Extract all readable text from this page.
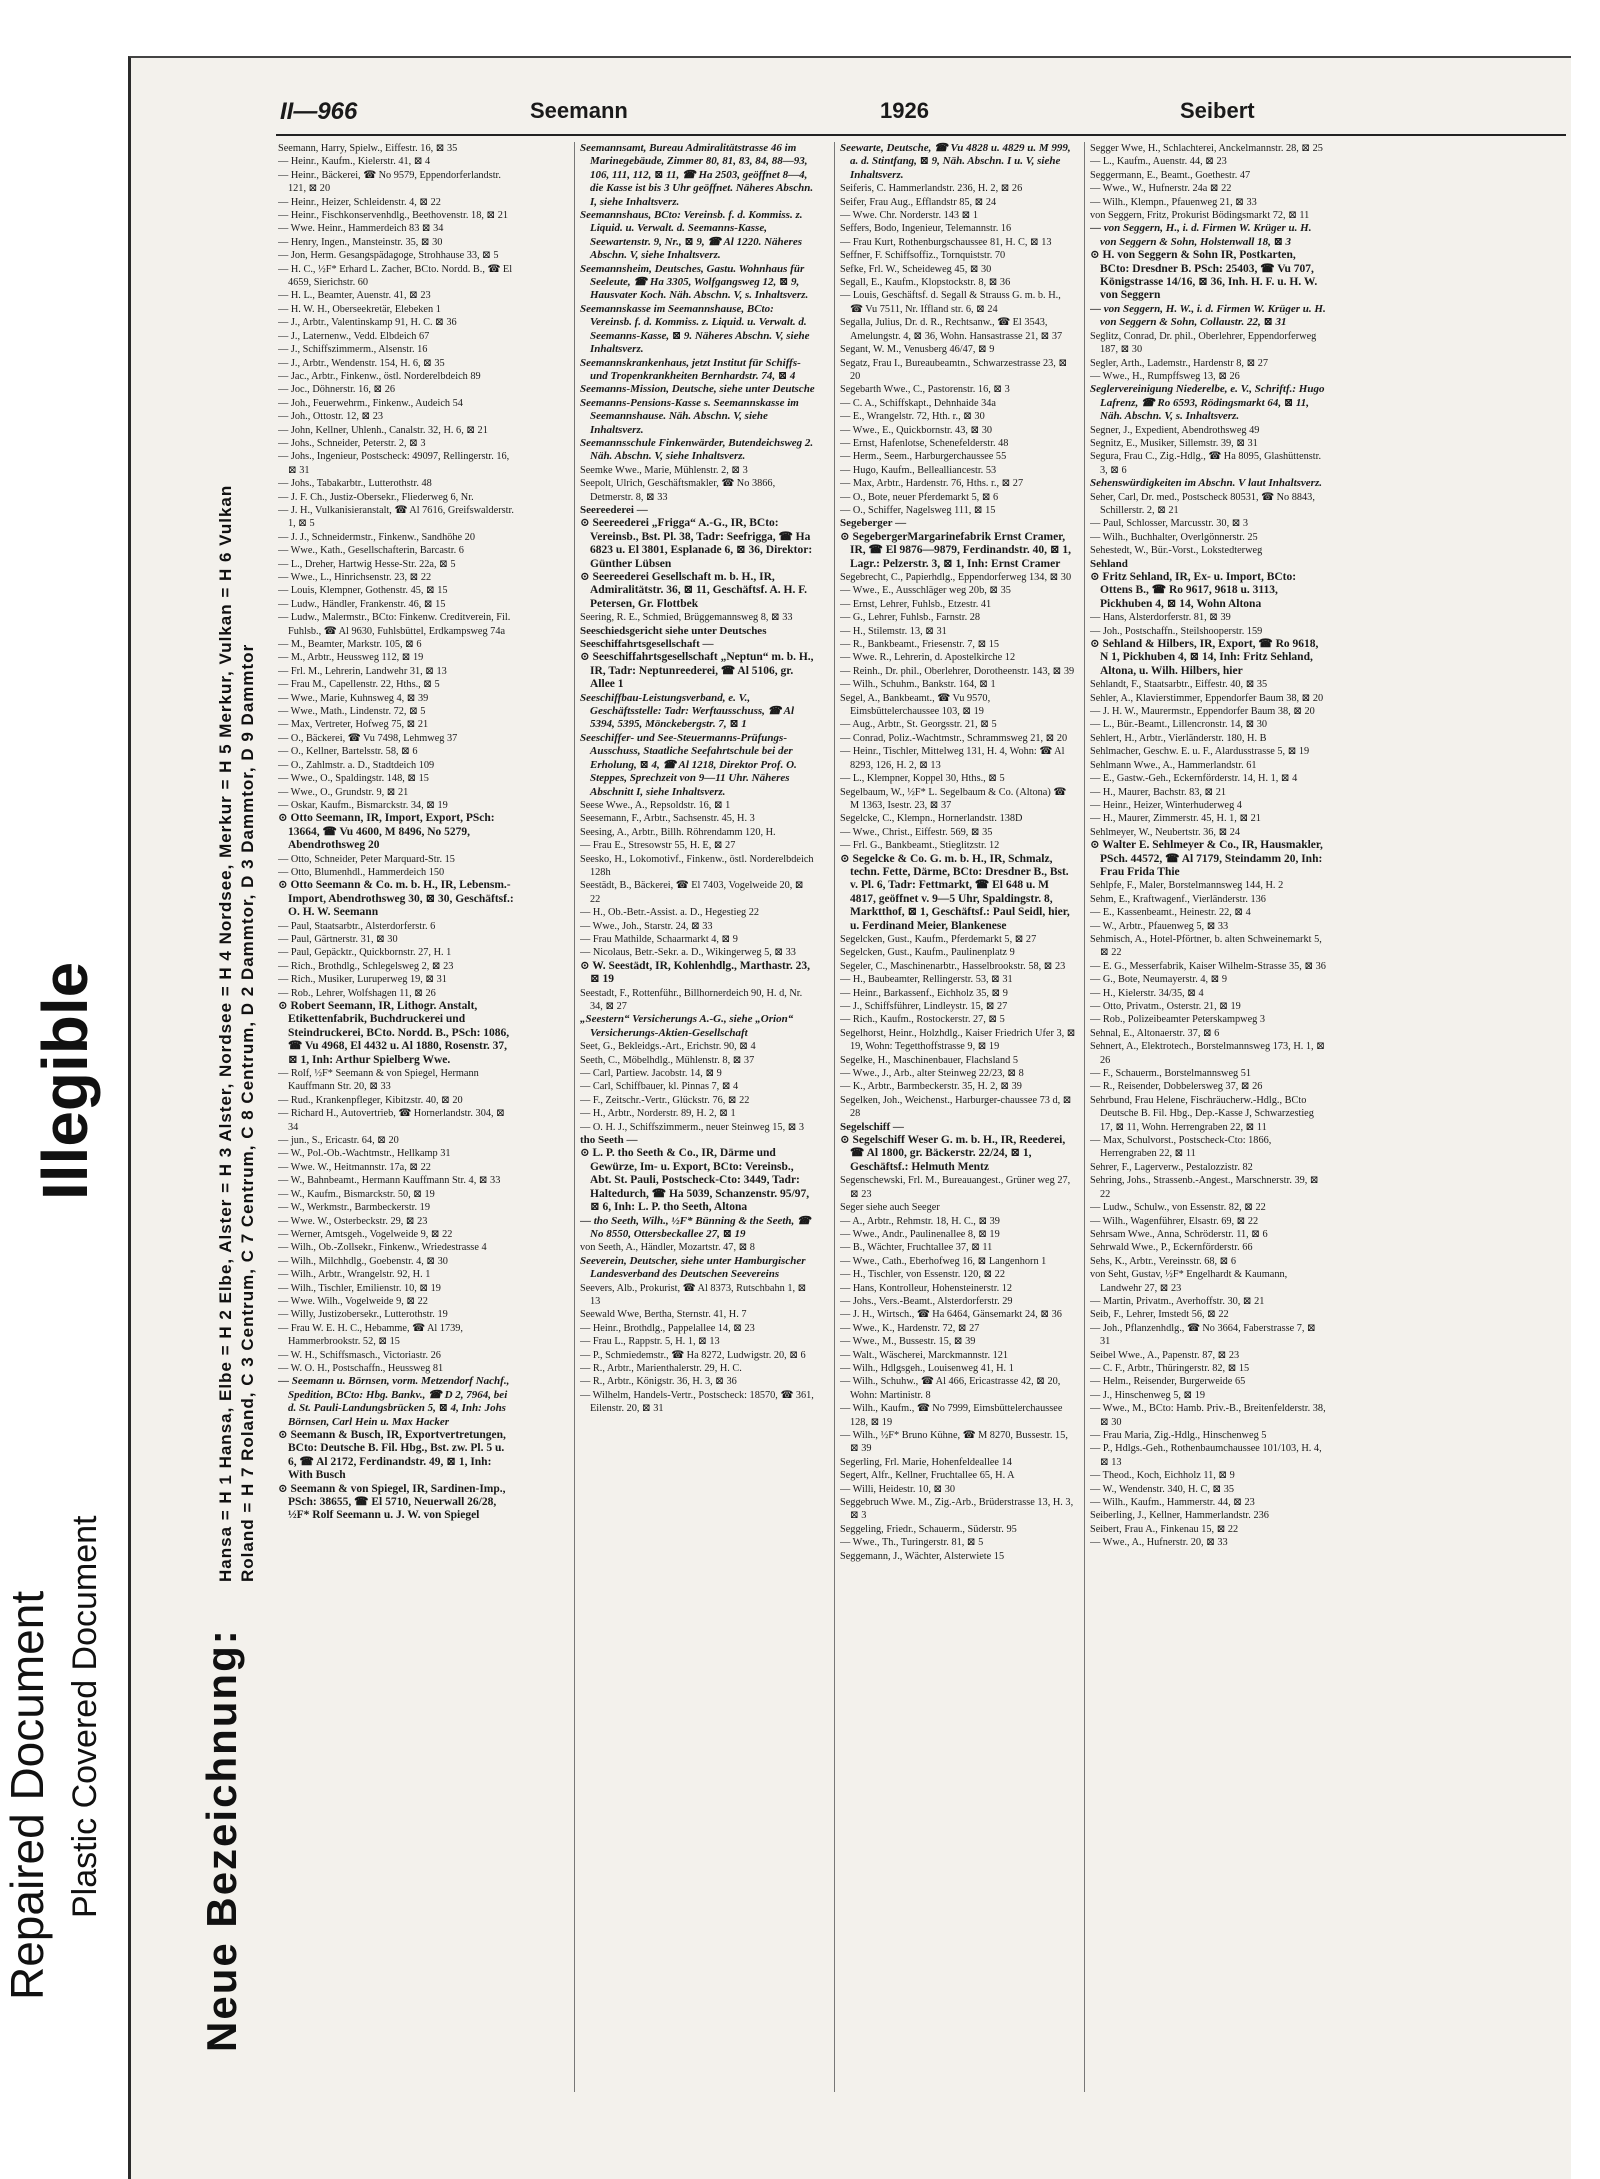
Repaired Document Plastic Covered Document
Illegible
Neue Bezeichnung:
Hansa = H 1 Hansa, Elbe = H 2 Elbe, Alster = H 3 Alster, Nordsee = H 4 Nordsee, Merkur = H 5 Merkur, Vulkan = H 6 Vulkan Roland = H 7 Roland, C 3 Centrum, C 7 Centrum, C 8 Centrum, D 2 Dammtor, D 3 Dammtor, D 9 Dammtor
II—966	Seemann	1926	Seibert

Seemann, Harry, Spielw., Eiffestr. 16, ⊠ 35

— Heinr., Kaufm., Kielerstr. 41, ⊠ 4

— Heinr., Bäckerei, ☎ No 9579, Eppendorferlandstr. 121, ⊠ 20

— Heinr., Heizer, Schleidenstr. 4, ⊠ 22

— Heinr., Fischkonservenhdlg., Beethovenstr. 18, ⊠ 21

— Wwe. Heinr., Hammerdeich 83 ⊠ 34

— Henry, Ingen., Mansteinstr. 35, ⊠ 30

— Jon, Herm. Gesangspädagoge, Strohhause 33, ⊠ 5

— H. C., ½F* Erhard L. Zacher, BCto. Nordd. B., ☎ El 4659, Sierichstr. 60

— H. L., Beamter, Auenstr. 41, ⊠ 23

— H. W. H., Oberseekretär, Elebeken 1

— J., Arbtr., Valentinskamp 91, H. C. ⊠ 36

— J., Laternenw., Vedd. Elbdeich 67

— J., Schiffszimmerm., Alsenstr. 16

— J., Arbtr., Wendenstr. 154, H. 6, ⊠ 35

— Jac., Arbtr., Finkenw., östl. Norderelbdeich 89

— Joc., Döhnerstr. 16, ⊠ 26

— Joh., Feuerwehrm., Finkenw., Audeich 54

— Joh., Ottostr. 12, ⊠ 23

— John, Kellner, Uhlenh., Canalstr. 32, H. 6, ⊠ 21

— Johs., Schneider, Peterstr. 2, ⊠ 3

— Johs., Ingenieur, Postscheck: 49097, Rellingerstr. 16, ⊠ 31

— Johs., Tabakarbtr., Lutterothstr. 48

— J. F. Ch., Justiz-Obersekr., Fliederweg 6, Nr.

— J. H., Vulkanisieranstalt, ☎ Al 7616, Greifswalderstr. 1, ⊠ 5

— J. J., Schneidermstr., Finkenw., Sandhöhe 20

— Wwe., Kath., Gesellschafterin, Barcastr. 6

— L., Dreher, Hartwig Hesse-Str. 22a, ⊠ 5

— Wwe., L., Hinrichsenstr. 23, ⊠ 22

— Louis, Klempner, Gothenstr. 45, ⊠ 15

— Ludw., Händler, Frankenstr. 46, ⊠ 15

— Ludw., Malermstr., BCto: Finkenw. Creditverein, Fil. Fuhlsb., ☎ Al 9630, Fuhlsbüttel, Erdkampsweg 74a

— M., Beamter, Markstr. 105, ⊠ 6

— M., Arbtr., Heussweg 112, ⊠ 19

— Frl. M., Lehrerin, Landwehr 31, ⊠ 13

— Frau M., Capellenstr. 22, Hths., ⊠ 5

— Wwe., Marie, Kuhnsweg 4, ⊠ 39

— Wwe., Math., Lindenstr. 72, ⊠ 5

— Max, Vertreter, Hofweg 75, ⊠ 21

— O., Bäckerei, ☎ Vu 7498, Lehmweg 37

— O., Kellner, Bartelsstr. 58, ⊠ 6

— O., Zahlmstr. a. D., Stadtdeich 109

— Wwe., O., Spaldingstr. 148, ⊠ 15

— Wwe., O., Grundstr. 9, ⊠ 21

— Oskar, Kaufm., Bismarckstr. 34, ⊠ 19

⊙ Otto Seemann, IR, Import, Export, PSch: 13664, ☎ Vu 4600, M 8496, No 5279, Abendrothsweg 20

— Otto, Schneider, Peter Marquard-Str. 15

— Otto, Blumenhdl., Hammerdeich 150

⊙ Otto Seemann & Co. m. b. H., IR, Lebensm.-Import, Abendrothsweg 30, ⊠ 30, Geschäftsf.: O. H. W. Seemann

— Paul, Staatsarbtr., Alsterdorferstr. 6

— Paul, Gärtnerstr. 31, ⊠ 30

— Paul, Gepäcktr., Quickbornstr. 27, H. 1

— Rich., Brothdlg., Schlegelsweg 2, ⊠ 23

— Rich., Musiker, Luruperweg 19, ⊠ 31

— Rob., Lehrer, Wolfshagen 11, ⊠ 26

⊙ Robert Seemann, IR, Lithogr. Anstalt, Etikettenfabrik, Buchdruckerei und Steindruckerei, BCto. Nordd. B., PSch: 1086, ☎ Vu 4968, El 4432 u. Al 1880, Rosenstr. 37, ⊠ 1, Inh: Arthur Spielberg Wwe.

— Rolf, ½F* Seemann & von Spiegel, Hermann Kauffmann Str. 20, ⊠ 33

— Rud., Krankenpfleger, Kibitzstr. 40, ⊠ 20

— Richard H., Autovertrieb, ☎ Hornerlandstr. 304, ⊠ 34

— jun., S., Ericastr. 64, ⊠ 20

— W., Pol.-Ob.-Wachtmstr., Hellkamp 31

— Wwe. W., Heitmannstr. 17a, ⊠ 22

— W., Bahnbeamt., Hermann Kauffmann Str. 4, ⊠ 33

— W., Kaufm., Bismarckstr. 50, ⊠ 19

— W., Werkmstr., Barmbeckerstr. 19

— Wwe. W., Osterbeckstr. 29, ⊠ 23

— Werner, Amtsgeh., Vogelweide 9, ⊠ 22

— Wilh., Ob.-Zollsekr., Finkenw., Wriedestrasse 4

— Wilh., Milchhdlg., Goebenstr. 4, ⊠ 30

— Wilh., Arbtr., Wrangelstr. 92, H. 1

— Wilh., Tischler, Emilienstr. 10, ⊠ 19

— Wwe. Wilh., Vogelweide 9, ⊠ 22

— Willy, Justizobersekr., Lutterothstr. 19

— Frau W. E. H. C., Hebamme, ☎ Al 1739, Hammerbrookstr. 52, ⊠ 15

— W. H., Schiffsmasch., Victoriastr. 26

— W. O. H., Postschaffn., Heussweg 81

— Seemann u. Börnsen, vorm. Metzendorf Nachf., Spedition, BCto: Hbg. Bankv., ☎ D 2, 7964, bei d. St. Pauli-Landungsbrücken 5, ⊠ 4, Inh: Johs Börnsen, Carl Hein u. Max Hacker

⊙ Seemann & Busch, IR, Exportvertretungen, BCto: Deutsche B. Fil. Hbg., Bst. zw. Pl. 5 u. 6, ☎ Al 2172, Ferdinandstr. 49, ⊠ 1, Inh: With Busch

⊙ Seemann & von Spiegel, IR, Sardinen-Imp., PSch: 38655, ☎ El 5710, Neuerwall 26/28, ½F* Rolf Seemann u. J. W. von Spiegel

Seemannsamt, Bureau Admiralitätstrasse 46 im Marinegebäude, Zimmer 80, 81, 83, 84, 88—93, 106, 111, 112, ⊠ 11, ☎ Ha 2503, geöffnet 8—4, die Kasse ist bis 3 Uhr geöffnet. Näheres Abschn. I, siehe Inhaltsverz.

Seemannshaus, BCto: Vereinsb. f. d. Kommiss. z. Liquid. u. Verwalt. d. Seemanns-Kasse, Seewartenstr. 9, Nr., ⊠ 9, ☎ Al 1220. Näheres Abschn. V, siehe Inhaltsverz.

Seemannsheim, Deutsches, Gastu. Wohnhaus für Seeleute, ☎ Ha 3305, Wolfgangsweg 12, ⊠ 9, Hausvater Koch. Näh. Abschn. V, s. Inhaltsverz.

Seemannskasse im Seemannshause, BCto: Vereinsb. f. d. Kommiss. z. Liquid. u. Verwalt. d. Seemanns-Kasse, ⊠ 9. Näheres Abschn. V, siehe Inhaltsverz.

Seemannskrankenhaus, jetzt Institut für Schiffs- und Tropenkrankheiten Bernhardstr. 74, ⊠ 4

Seemanns-Mission, Deutsche, siehe unter Deutsche

Seemanns-Pensions-Kasse s. Seemannskasse im Seemannshause. Näh. Abschn. V, siehe Inhaltsverz.

Seemannsschule Finkenwärder, Butendeichsweg 2. Näh. Abschn. V, siehe Inhaltsverz.

Seemke Wwe., Marie, Mühlenstr. 2, ⊠ 3

Seepolt, Ulrich, Geschäftsmakler, ☎ No 3866, Detmerstr. 8, ⊠ 33

Seereederei —

⊙ Seereederei „Frigga“ A.-G., IR, BCto: Vereinsb., Bst. Pl. 38, Tadr: Seefrigga, ☎ Ha 6823 u. El 3801, Esplanade 6, ⊠ 36, Direktor: Günther Lübsen

⊙ Seereederei Gesellschaft m. b. H., IR, Admiralitätstr. 36, ⊠ 11, Geschäftsf. A. H. F. Petersen, Gr. Flottbek

Seering, R. E., Schmied, Brüggemannsweg 8, ⊠ 33

Seeschiedsgericht siehe unter Deutsches

Seeschiffahrtsgesellschaft —

⊙ Seeschiffahrtsgesellschaft „Neptun“ m. b. H., IR, Tadr: Neptunreederei, ☎ Al 5106, gr. Allee 1

Seeschiffbau-Leistungsverband, e. V., Geschäftsstelle: Tadr: Werftausschuss, ☎ Al 5394, 5395, Mönckebergstr. 7, ⊠ 1

Seeschiffer- und See-Steuermanns-Prüfungs-Ausschuss, Staatliche Seefahrtschule bei der Erholung, ⊠ 4, ☎ Al 1218, Direktor Prof. O. Steppes, Sprechzeit von 9—11 Uhr. Näheres Abschnitt I, siehe Inhaltsverz.

Seese Wwe., A., Repsoldstr. 16, ⊠ 1

Seesemann, F., Arbtr., Sachsenstr. 45, H. 3

Seesing, A., Arbtr., Billh. Röhrendamm 120, H.

— Frau E., Stresowstr 55, H. E, ⊠ 27

Seesko, H., Lokomotivf., Finkenw., östl. Norderelbdeich 128h

Seestädt, B., Bäckerei, ☎ El 7403, Vogelweide 20, ⊠ 22

— H., Ob.-Betr.-Assist. a. D., Hegestieg 22

— Wwe., Joh., Starstr. 24, ⊠ 33

— Frau Mathilde, Schaarmarkt 4, ⊠ 9

— Nicolaus, Betr.-Sekr. a. D., Wikingerweg 5, ⊠ 33

⊙ W. Seestädt, IR, Kohlenhdlg., Marthastr. 23, ⊠ 19

Seestadt, F., Rottenführ., Billhornerdeich 90, H. d, Nr. 34, ⊠ 27

„Seestern“ Versicherungs A.-G., siehe „Orion“ Versicherungs-Aktien-Gesellschaft

Seet, G., Bekleidgs.-Art., Erichstr. 90, ⊠ 4

Seeth, C., Möbelhdlg., Mühlenstr. 8, ⊠ 37

— Carl, Partiew. Jacobstr. 14, ⊠ 9

— Carl, Schiffbauer, kl. Pinnas 7, ⊠ 4

— F., Zeitschr.-Vertr., Glückstr. 76, ⊠ 22

— H., Arbtr., Norderstr. 89, H. 2, ⊠ 1

— O. H. J., Schiffszimmerm., neuer Steinweg 15, ⊠ 3

tho Seeth —

⊙ L. P. tho Seeth & Co., IR, Därme und Gewürze, Im- u. Export, BCto: Vereinsb., Abt. St. Pauli, Postscheck-Cto: 3449, Tadr: Haltedurch, ☎ Ha 5039, Schanzenstr. 95/97, ⊠ 6, Inh: L. P. tho Seeth, Altona

— tho Seeth, Wilh., ½F* Bünning & the Seeth, ☎ No 8550, Ottersbeckallee 27, ⊠ 19

von Seeth, A., Händler, Mozartstr. 47, ⊠ 8

Seeverein, Deutscher, siehe unter Hamburgischer Landesverband des Deutschen Seevereins

Seevers, Alb., Prokurist, ☎ Al 8373, Rutschbahn 1, ⊠ 13

Seewald Wwe, Bertha, Sternstr. 41, H. 7

— Heinr., Brothdlg., Pappelallee 14, ⊠ 23

— Frau L., Rappstr. 5, H. 1, ⊠ 13

— P., Schmiedemstr., ☎ Ha 8272, Ludwigstr. 20, ⊠ 6

— R., Arbtr., Marienthalerstr. 29, H. C.

— R., Arbtr., Königstr. 36, H. 3, ⊠ 36

— Wilhelm, Handels-Vertr., Postscheck: 18570, ☎ 361, Eilenstr. 20, ⊠ 31

Seewarte, Deutsche, ☎ Vu 4828 u. 4829 u. M 999, a. d. Stintfang, ⊠ 9, Näh. Abschn. I u. V, siehe Inhaltsverz.

Seiferis, C. Hammerlandstr. 236, H. 2, ⊠ 26

Seifer, Frau Aug., Efflandstr 85, ⊠ 24

— Wwe. Chr. Norderstr. 143 ⊠ 1

Seffers, Bodo, Ingenieur, Telemannstr. 16

— Frau Kurt, Rothenburgschaussee 81, H. C, ⊠ 13

Seffner, F. Schiffsoffiz., Tornquiststr. 70

Sefke, Frl. W., Scheideweg 45, ⊠ 30

Segall, E., Kaufm., Klopstockstr. 8, ⊠ 36

— Louis, Geschäftsf. d. Segall & Strauss G. m. b. H., ☎ Vu 7511, Nr. Iffland str. 6, ⊠ 24

Segalla, Julius, Dr. d. R., Rechtsanw., ☎ El 3543, Amelungstr. 4, ⊠ 36, Wohn. Hansastrasse 21, ⊠ 37

Segant, W. M., Venusberg 46/47, ⊠ 9

Segatz, Frau I., Bureaubeamtn., Schwarzestrasse 23, ⊠ 20

Segebarth Wwe., C., Pastorenstr. 16, ⊠ 3

— C. A., Schiffskapt., Dehnhaide 34a

— E., Wrangelstr. 72, Hth. r., ⊠ 30

— Wwe., E., Quickbornstr. 43, ⊠ 30

— Ernst, Hafenlotse, Schenefelderstr. 48

— Herm., Seem., Harburgerchaussee 55

— Hugo, Kaufm., Bellealliancestr. 53

— Max, Arbtr., Hardenstr. 76, Hths. r., ⊠ 27

— O., Bote, neuer Pferdemarkt 5, ⊠ 6

— O., Schiffer, Nagelsweg 111, ⊠ 15

Segeberger —

⊙ SegebergerMargarinefabrik Ernst Cramer, IR, ☎ El 9876—9879, Ferdinandstr. 40, ⊠ 1, Lagr.: Pelzerstr. 3, ⊠ 1, Inh: Ernst Cramer

Segebrecht, C., Papierhdlg., Eppendorferweg 134, ⊠ 30

— Wwe., E., Ausschläger weg 20b, ⊠ 35

— Ernst, Lehrer, Fuhlsb., Etzestr. 41

— G., Lehrer, Fuhlsb., Farnstr. 28

— H., Stilemstr. 13, ⊠ 31

— R., Bankbeamt., Friesenstr. 7, ⊠ 15

— Wwe. R., Lehrerin, d. Apostelkirche 12

— Reinh., Dr. phil., Oberlehrer, Dorotheenstr. 143, ⊠ 39

— Wilh., Schuhm., Bankstr. 164, ⊠ 1

Segel, A., Bankbeamt., ☎ Vu 9570, Eimsbüttelerchaussee 103, ⊠ 19

— Aug., Arbtr., St. Georgsstr. 21, ⊠ 5

— Conrad, Poliz.-Wachtmstr., Schrammsweg 21, ⊠ 20

— Heinr., Tischler, Mittelweg 131, H. 4, Wohn: ☎ Al 8293, 126, H. 2, ⊠ 13

— L., Klempner, Koppel 30, Hths., ⊠ 5

Segelbaum, W., ½F* L. Segelbaum & Co. (Altona) ☎ M 1363, Isestr. 23, ⊠ 37

Segelcke, C., Klempn., Hornerlandstr. 138D

— Wwe., Christ., Eiffestr. 569, ⊠ 35

— Frl. G., Bankbeamt., Stieglitzstr. 12

⊙ Segelcke & Co. G. m. b. H., IR, Schmalz, techn. Fette, Därme, BCto: Dresdner B., Bst. v. Pl. 6, Tadr: Fettmarkt, ☎ El 648 u. M 4817, geöffnet v. 9—5 Uhr, Spaldingstr. 8, Marktthof, ⊠ 1, Geschäftsf.: Paul Seidl, hier, u. Ferdinand Meier, Blankenese

Segelcken, Gust., Kaufm., Pferdemarkt 5, ⊠ 27

Segelcken, Gust., Kaufm., Paulinenplatz 9

Segeler, C., Maschinenarbtr., Hasselbrookstr. 58, ⊠ 23

— H., Baubeamter, Rellingerstr. 53, ⊠ 31

— Heinr., Barkassenf., Eichholz 35, ⊠ 9

— J., Schiffsführer, Lindleystr. 15, ⊠ 27

— Rich., Kaufm., Rostockerstr. 27, ⊠ 5

Segelhorst, Heinr., Holzhdlg., Kaiser Friedrich Ufer 3, ⊠ 19, Wohn: Tegetthoffstrasse 9, ⊠ 19

Segelke, H., Maschinenbauer, Flachsland 5

— Wwe., J., Arb., alter Steinweg 22/23, ⊠ 8

— K., Arbtr., Barmbeckerstr. 35, H. 2, ⊠ 39

Segelken, Joh., Weichenst., Harburger-chaussee 73 d, ⊠ 28

Segelschiff —

⊙ Segelschiff Weser G. m. b. H., IR, Reederei, ☎ Al 1800, gr. Bäckerstr. 22/24, ⊠ 1, Geschäftsf.: Helmuth Mentz

Segenschewski, Frl. M., Bureauangest., Grüner weg 27, ⊠ 23

Seger siehe auch Seeger

— A., Arbtr., Rehmstr. 18, H. C., ⊠ 39

— Wwe., Andr., Paulinenallee 8, ⊠ 19

— B., Wächter, Fruchtallee 37, ⊠ 11

— Wwe., Cath., Eberhofweg 16, ⊠ Langenhorn 1

— H., Tischler, von Essenstr. 120, ⊠ 22

— Hans, Kontrolleur, Hohensteinerstr. 12

— Johs., Vers.-Beamt., Alsterdorferstr. 29

— J. H., Wirtsch., ☎ Ha 6464, Gänsemarkt 24, ⊠ 36

— Wwe., K., Hardenstr. 72, ⊠ 27

— Wwe., M., Bussestr. 15, ⊠ 39

— Walt., Wäscherei, Marckmannstr. 121

— Wilh., Hdlgsgeh., Louisenweg 41, H. 1

— Wilh., Schuhw., ☎ Al 466, Ericastrasse 42, ⊠ 20, Wohn: Martinistr. 8

— Wilh., Kaufm., ☎ No 7999, Eimsbüttelerchaussee 128, ⊠ 19

— Wilh., ½F* Bruno Kühne, ☎ M 8270, Bussestr. 15, ⊠ 39

Segerling, Frl. Marie, Hohenfeldeallee 14

Segert, Alfr., Kellner, Fruchtallee 65, H. A

— Willi, Heidestr. 10, ⊠ 30

Seggebruch Wwe. M., Zig.-Arb., Brüderstrasse 13, H. 3, ⊠ 3

Seggeling, Friedr., Schauerm., Süderstr. 95

— Wwe., Th., Turingerstr. 81, ⊠ 5

Seggemann, J., Wächter, Alsterwiete 15

Segger Wwe, H., Schlachterei, Anckelmannstr. 28, ⊠ 25

— L., Kaufm., Auenstr. 44, ⊠ 23

Seggermann, E., Beamt., Goethestr. 47

— Wwe., W., Hufnerstr. 24a ⊠ 22

— Wilh., Klempn., Pfauenweg 21, ⊠ 33

von Seggern, Fritz, Prokurist Bödingsmarkt 72, ⊠ 11

— von Seggern, H., i. d. Firmen W. Krüger u. H. von Seggern & Sohn, Holstenwall 18, ⊠ 3

⊙ H. von Seggern & Sohn IR, Postkarten, BCto: Dresdner B. PSch: 25403, ☎ Vu 707, Königstrasse 14/16, ⊠ 36, Inh. H. F. u. H. W. von Seggern

— von Seggern, H. W., i. d. Firmen W. Krüger u. H. von Seggern & Sohn, Collaustr. 22, ⊠ 31

Seglitz, Conrad, Dr. phil., Oberlehrer, Eppendorferweg 187, ⊠ 30

Segler, Arth., Lademstr., Hardenstr 8, ⊠ 27

— Wwe., H., Rumpffsweg 13, ⊠ 26

Seglervereinigung Niederelbe, e. V., Schriftf.: Hugo Lafrenz, ☎ Ro 6593, Rödingsmarkt 64, ⊠ 11, Näh. Abschn. V, s. Inhaltsverz.

Segner, J., Expedient, Abendrothsweg 49

Segnitz, E., Musiker, Sillemstr. 39, ⊠ 31

Segura, Frau C., Zig.-Hdlg., ☎ Ha 8095, Glashüttenstr. 3, ⊠ 6

Sehenswürdigkeiten im Abschn. V laut Inhaltsverz.

Seher, Carl, Dr. med., Postscheck 80531, ☎ No 8843, Schillerstr. 2, ⊠ 21

— Paul, Schlosser, Marcusstr. 30, ⊠ 3

— Wilh., Buchhalter, Overlgönnerstr. 25

Sehestedt, W., Bür.-Vorst., Lokstedterweg

Sehland

⊙ Fritz Sehland, IR, Ex- u. Import, BCto: Ottens B., ☎ Ro 9617, 9618 u. 3113, Pickhuben 4, ⊠ 14, Wohn Altona

— Hans, Alsterdorferstr. 81, ⊠ 39

— Joh., Postschaffn., Steilshooperstr. 159

⊙ Sehland & Hilbers, IR, Export, ☎ Ro 9618, N 1, Pickhuben 4, ⊠ 14, Inh: Fritz Sehland, Altona, u. Wilh. Hilbers, hier

Sehlandt, F., Staatsarbtr., Eiffestr. 40, ⊠ 35

Sehler, A., Klavierstimmer, Eppendorfer Baum 38, ⊠ 20

— J. H. W., Maurermstr., Eppendorfer Baum 38, ⊠ 20

— L., Bür.-Beamt., Lillencronstr. 14, ⊠ 30

Sehlert, H., Arbtr., Vierländerstr. 180, H. B

Sehlmacher, Geschw. E. u. F., Alardusstrasse 5, ⊠ 19

Sehlmann Wwe., A., Hammerlandstr. 61

— E., Gastw.-Geh., Eckernförderstr. 14, H. 1, ⊠ 4

— H., Maurer, Bachstr. 83, ⊠ 21

— Heinr., Heizer, Winterhuderweg 4

— H., Maurer, Zimmerstr. 45, H. 1, ⊠ 21

Sehlmeyer, W., Neubertstr. 36, ⊠ 24

⊙ Walter E. Sehlmeyer & Co., IR, Hausmakler, PSch. 44572, ☎ Al 7179, Steindamm 20, Inh: Frau Frida Thie

Sehlpfe, F., Maler, Borstelmannsweg 144, H. 2

Sehm, E., Kraftwagenf., Vierländerstr. 136

— E., Kassenbeamt., Heinestr. 22, ⊠ 4

— W., Arbtr., Pfauenweg 5, ⊠ 33

Sehmisch, A., Hotel-Pförtner, b. alten Schweinemarkt 5, ⊠ 22

— E. G., Messerfabrik, Kaiser Wilhelm-Strasse 35, ⊠ 36

— G., Bote, Neumayerstr. 4, ⊠ 9

— H., Kielerstr. 34/35, ⊠ 4

— Otto, Privatm., Osterstr. 21, ⊠ 19

— Rob., Polizeibeamter Peterskampweg 3

Sehnal, E., Altonaerstr. 37, ⊠ 6

Sehnert, A., Elektrotech., Borstelmannsweg 173, H. 1, ⊠ 26

— F., Schauerm., Borstelmannsweg 51

— R., Reisender, Dobbelersweg 37, ⊠ 26

Sehrbund, Frau Helene, Fischräucherw.-Hdlg., BCto Deutsche B. Fil. Hbg., Dep.-Kasse J, Schwarzestieg 17, ⊠ 11, Wohn. Herrengraben 22, ⊠ 11

— Max, Schulvorst., Postscheck-Cto: 1866, Herrengraben 22, ⊠ 11

Sehrer, F., Lagerverw., Pestalozzistr. 82

Sehring, Johs., Strassenb.-Angest., Marschnerstr. 39, ⊠ 22

— Ludw., Schulw., von Essenstr. 82, ⊠ 22

— Wilh., Wagenführer, Elsastr. 69, ⊠ 22

Sehrsam Wwe., Anna, Schröderstr. 11, ⊠ 6

Sehrwald Wwe., P., Eckernförderstr. 66

Sehs, K., Arbtr., Vereinsstr. 68, ⊠ 6

von Seht, Gustav, ½F* Engelhardt & Kaumann, Landwehr 27, ⊠ 23

— Martin, Privatm., Averhoffstr. 30, ⊠ 21

Seib, F., Lehrer, Imstedt 56, ⊠ 22

— Joh., Pflanzenhdlg., ☎ No 3664, Faberstrasse 7, ⊠ 31

Seibel Wwe., A., Papenstr. 87, ⊠ 23

— C. F., Arbtr., Thüringerstr. 82, ⊠ 15

— Helm., Reisender, Burgerweide 65

— J., Hinschenweg 5, ⊠ 19

— Wwe., M., BCto: Hamb. Priv.-B., Breitenfelderstr. 38, ⊠ 30

— Frau Maria, Zig.-Hdlg., Hinschenweg 5

— P., Hdlgs.-Geh., Rothenbaumchaussee 101/103, H. 4, ⊠ 13

— Theod., Koch, Eichholz 11, ⊠ 9

— W., Wendenstr. 340, H. C, ⊠ 35

— Wilh., Kaufm., Hammerstr. 44, ⊠ 23

Seiberling, J., Kellner, Hammerlandstr. 236

Seibert, Frau A., Finkenau 15, ⊠ 22

— Wwe., A., Hufnerstr. 20, ⊠ 33
